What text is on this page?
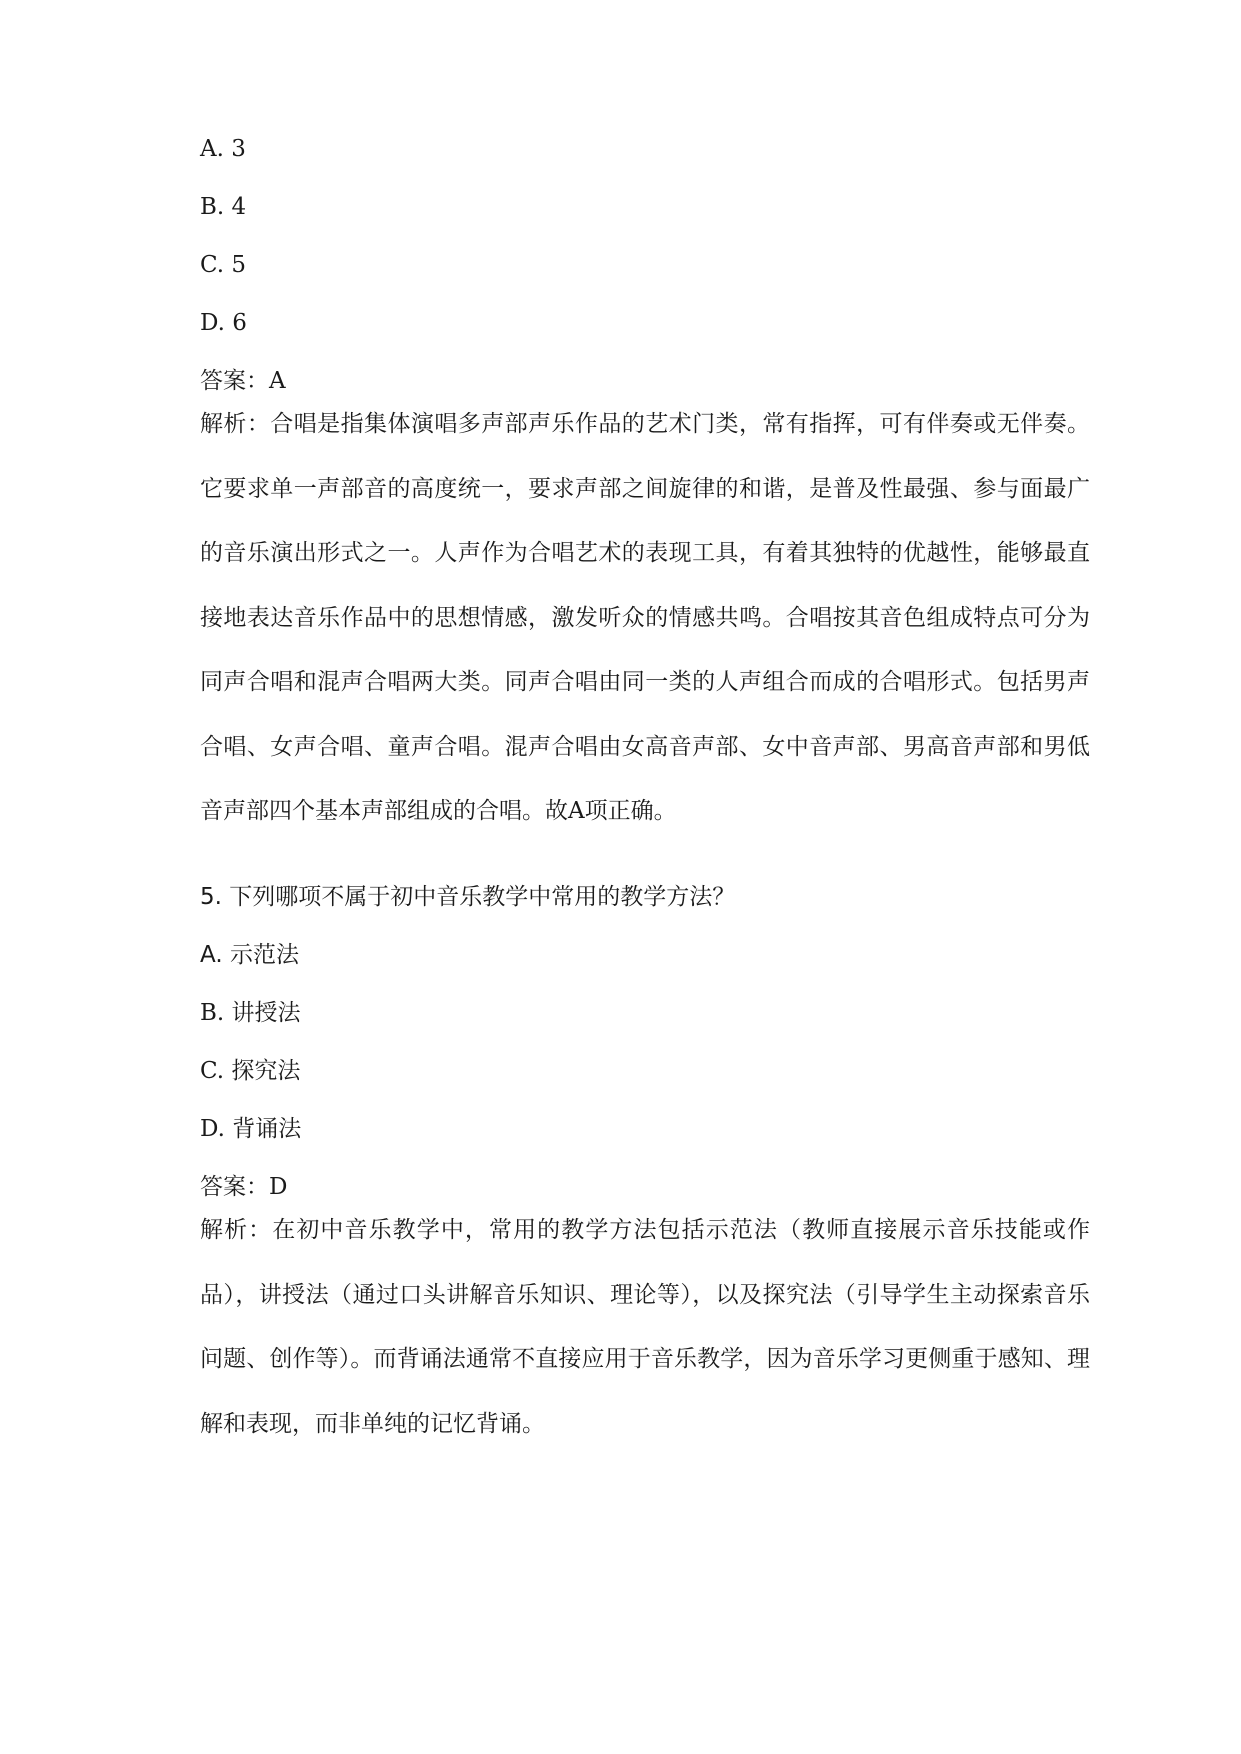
A. 3
B. 4
C. 5
D. 6
答案：A
解析：合唱是指集体演唱多声部声乐作品的艺术门类，常有指挥，可有伴奏或无伴奏。它要求单一声部音的高度统一，要求声部之间旋律的和谐，是普及性最强、参与面最广的音乐演出形式之一。人声作为合唱艺术的表现工具，有着其独特的优越性，能够最直接地表达音乐作品中的思想情感，激发听众的情感共鸣。合唱按其音色组成特点可分为同声合唱和混声合唱两大类。同声合唱由同一类的人声组合而成的合唱形式。包括男声合唱、女声合唱、童声合唱。混声合唱由女高音声部、女中音声部、男高音声部和男低音声部四个基本声部组成的合唱。故A项正确。
5. 下列哪项不属于初中音乐教学中常用的教学方法？
A. 示范法
B. 讲授法
C. 探究法
D. 背诵法
答案：D
解析：在初中音乐教学中，常用的教学方法包括示范法（教师直接展示音乐技能或作品），讲授法（通过口头讲解音乐知识、理论等），以及探究法（引导学生主动探索音乐问题、创作等）。而背诵法通常不直接应用于音乐教学，因为音乐学习更侧重于感知、理解和表现，而非单纯的记忆背诵。
